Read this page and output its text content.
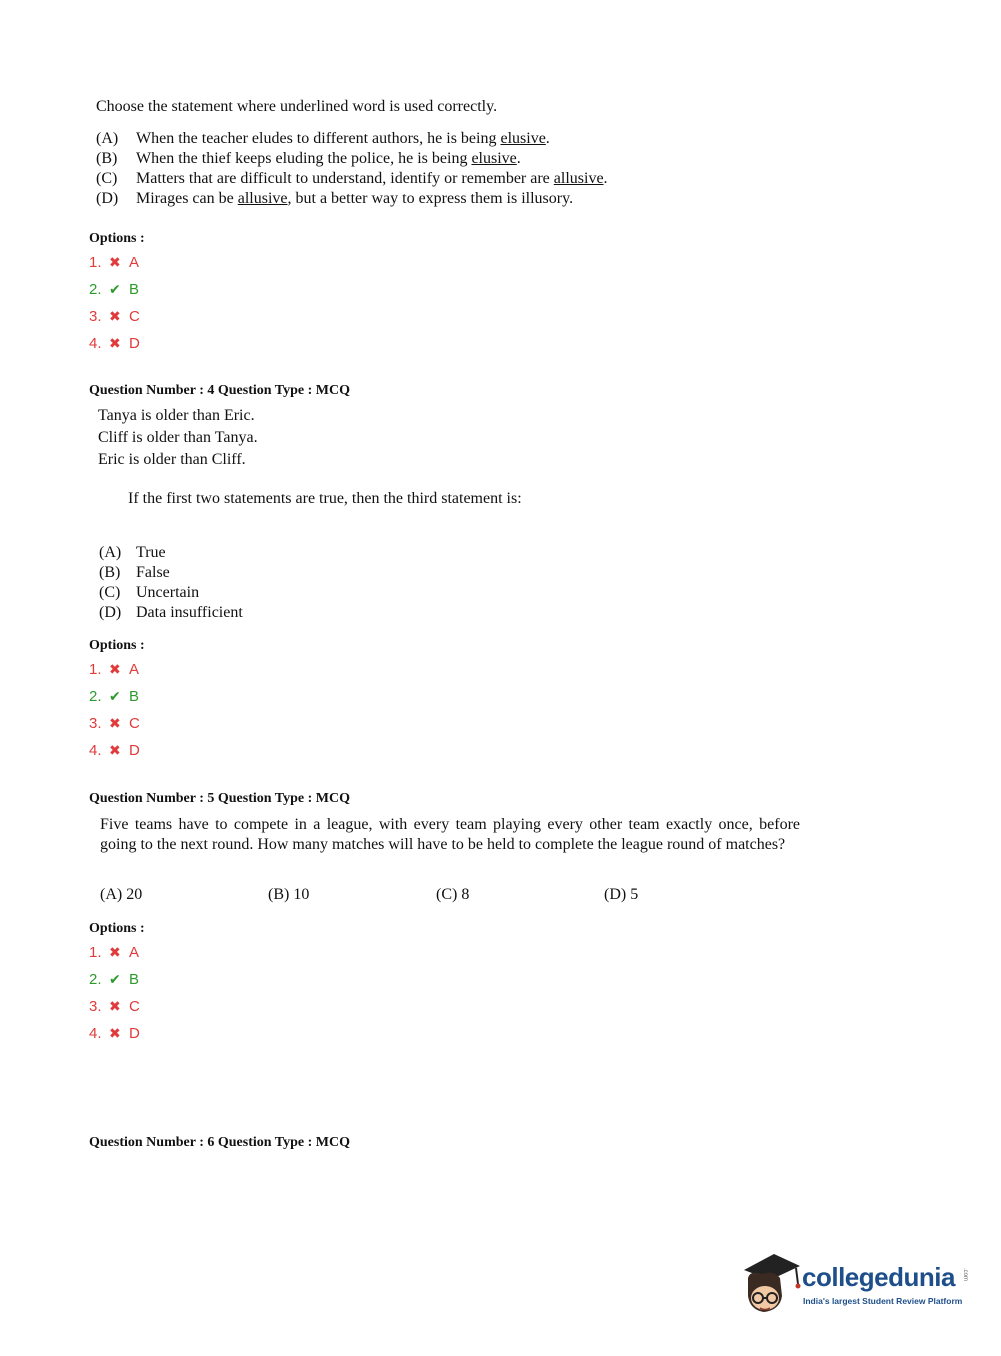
Choose the statement where underlined word is used correctly.
(A) When the teacher eludes to different authors, he is being elusive.
(B) When the thief keeps eluding the police, he is being elusive.
(C) Matters that are difficult to understand, identify or remember are allusive.
(D) Mirages can be allusive, but a better way to express them is illusory.
Options :
1. ✖ A
2. ✔ B
3. ✖ C
4. ✖ D
Question Number : 4 Question Type : MCQ
Tanya is older than Eric.
Cliff is older than Tanya.
Eric is older than Cliff.
If the first two statements are true, then the third statement is:
(A) True
(B) False
(C) Uncertain
(D) Data insufficient
Options :
1. ✖ A
2. ✔ B
3. ✖ C
4. ✖ D
Question Number : 5 Question Type : MCQ
Five teams have to compete in a league, with every team playing every other team exactly once, before going to the next round. How many matches will have to be held to complete the league round of matches?
(A) 20	(B) 10	(C) 8	(D) 5
Options :
1. ✖ A
2. ✔ B
3. ✖ C
4. ✖ D
Question Number : 6 Question Type : MCQ
collegedunia .com
India's largest Student Review Platform
